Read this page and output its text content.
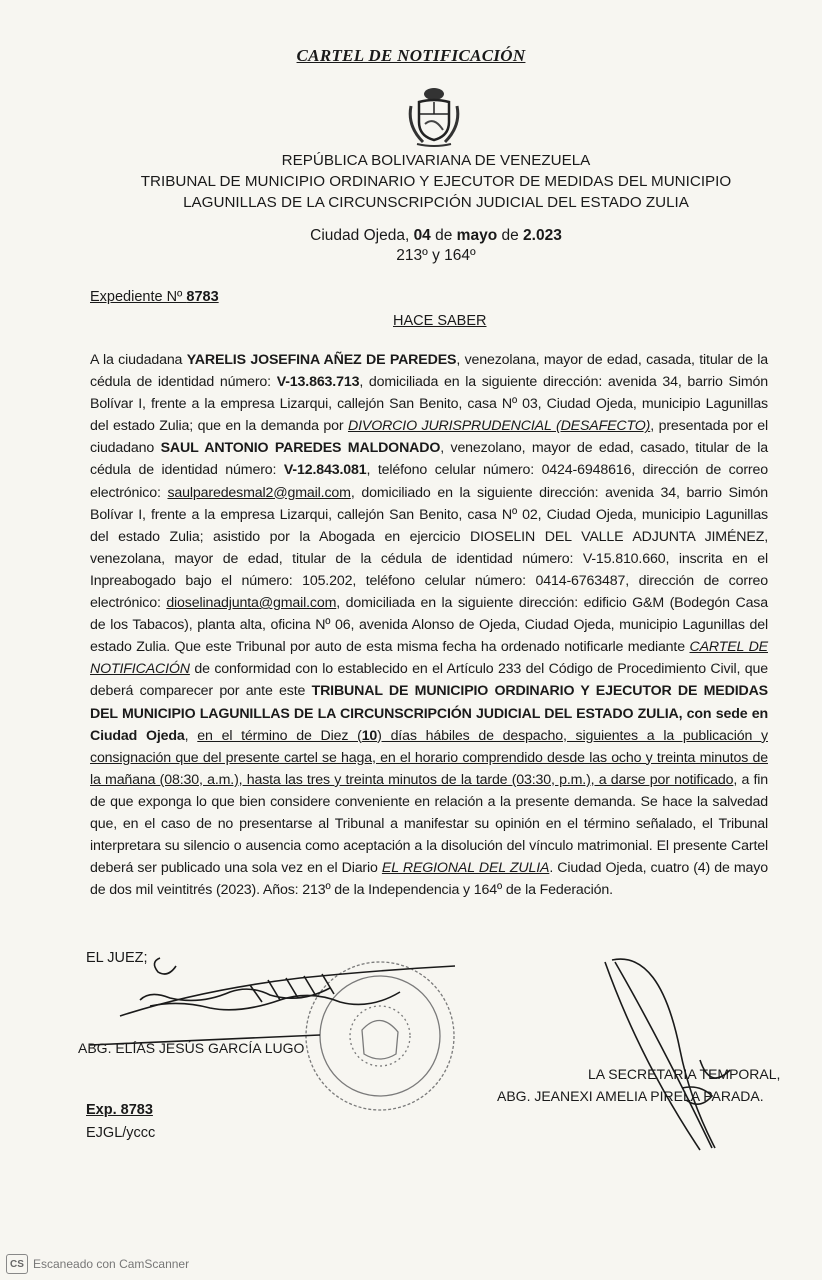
CARTEL DE NOTIFICACIÓN
REPÚBLICA BOLIVARIANA DE VENEZUELA
TRIBUNAL DE MUNICIPIO ORDINARIO Y EJECUTOR DE MEDIDAS DEL MUNICIPIO
LAGUNILLAS DE LA CIRCUNSCRIPCIÓN JUDICIAL DEL ESTADO ZULIA
Ciudad Ojeda, 04 de mayo de 2.023
213º y 164º
Expediente Nº 8783
HACE SABER
A la ciudadana YARELIS JOSEFINA AÑEZ DE PAREDES, venezolana, mayor de edad, casada, titular de la cédula de identidad número: V-13.863.713, domiciliada en la siguiente dirección: avenida 34, barrio Simón Bolívar I, frente a la empresa Lizarqui, callejón San Benito, casa Nº 03, Ciudad Ojeda, municipio Lagunillas del estado Zulia; que en la demanda por DIVORCIO JURISPRUDENCIAL (DESAFECTO), presentada por el ciudadano SAUL ANTONIO PAREDES MALDONADO, venezolano, mayor de edad, casado, titular de la cédula de identidad número: V-12.843.081, teléfono celular número: 0424-6948616, dirección de correo electrónico: saulparedesmal2@gmail.com, domiciliado en la siguiente dirección: avenida 34, barrio Simón Bolívar I, frente a la empresa Lizarqui, callejón San Benito, casa Nº 02, Ciudad Ojeda, municipio Lagunillas del estado Zulia; asistido por la Abogada en ejercicio DIOSELIN DEL VALLE ADJUNTA JIMÉNEZ, venezolana, mayor de edad, titular de la cédula de identidad número: V-15.810.660, inscrita en el Inpreabogado bajo el número: 105.202, teléfono celular número: 0414-6763487, dirección de correo electrónico: dioselinadjunta@gmail.com, domiciliada en la siguiente dirección: edificio G&M (Bodegón Casa de los Tabacos), planta alta, oficina Nº 06, avenida Alonso de Ojeda, Ciudad Ojeda, municipio Lagunillas del estado Zulia. Que este Tribunal por auto de esta misma fecha ha ordenado notificarle mediante CARTEL DE NOTIFICACIÓN de conformidad con lo establecido en el Artículo 233 del Código de Procedimiento Civil, que deberá comparecer por ante este TRIBUNAL DE MUNICIPIO ORDINARIO Y EJECUTOR DE MEDIDAS DEL MUNICIPIO LAGUNILLAS DE LA CIRCUNSCRIPCIÓN JUDICIAL DEL ESTADO ZULIA, con sede en Ciudad Ojeda, en el término de Diez (10) días hábiles de despacho, siguientes a la publicación y consignación que del presente cartel se haga, en el horario comprendido desde las ocho y treinta minutos de la mañana (08:30, a.m.), hasta las tres y treinta minutos de la tarde (03:30, p.m.), a darse por notificado, a fin de que exponga lo que bien considere conveniente en relación a la presente demanda. Se hace la salvedad que, en el caso de no presentarse al Tribunal a manifestar su opinión en el término señalado, el Tribunal interpretara su silencio o ausencia como aceptación a la disolución del vínculo matrimonial. El presente Cartel deberá ser publicado una sola vez en el Diario EL REGIONAL DEL ZULIA. Ciudad Ojeda, cuatro (4) de mayo de dos mil veintitrés (2023). Años: 213º de la Independencia y 164º de la Federación.
EL JUEZ;
ABG. ELÍAS JESÚS GARCÍA LUGO
LA SECRETARIA TEMPORAL,
ABG. JEANEXI AMELIA PIRELA PARADA.
Exp. 8783
EJGL/yccc
CS Escaneado con CamScanner
